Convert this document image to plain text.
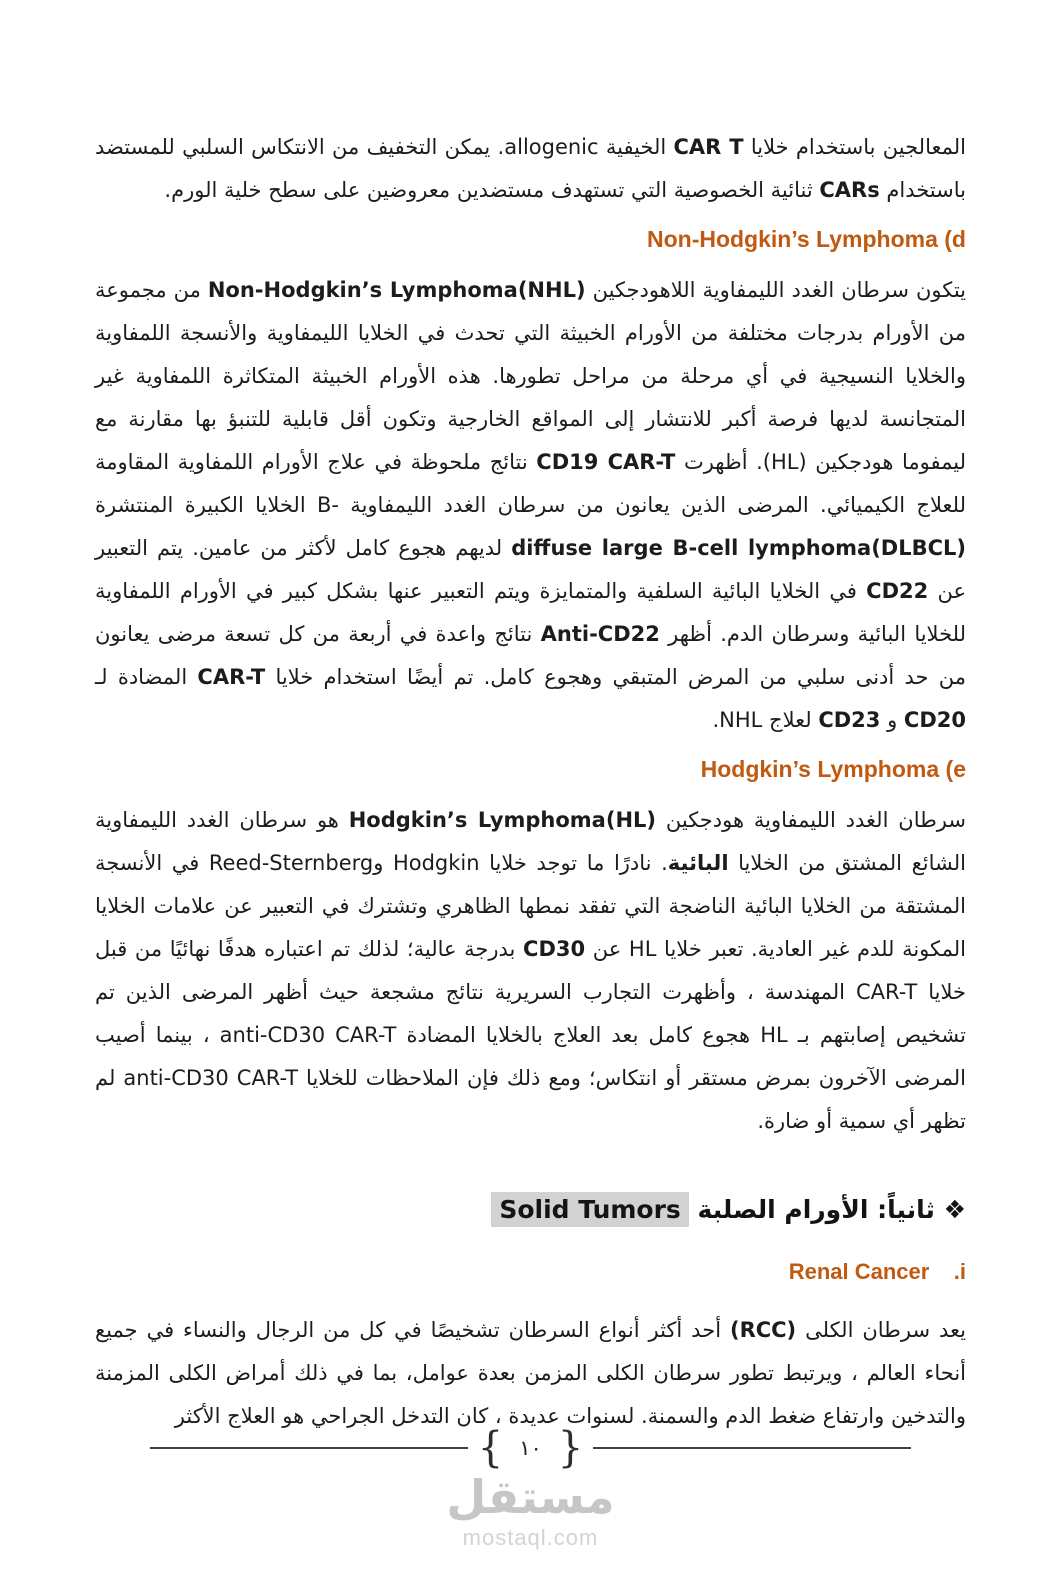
المعالجين باستخدام خلايا CAR T الخيفية allogenic. يمكن التخفيف من الانتكاس السلبي للمستضد باستخدام CARs ثنائية الخصوصية التي تستهدف مستضدين معروضين على سطح خلية الورم.

Non-Hodgkin’s Lymphoma (d

يتكون سرطان الغدد الليمفاوية اللاهودجكين Non-Hodgkin’s Lymphoma(NHL) من مجموعة من الأورام بدرجات مختلفة من الأورام الخبيثة التي تحدث في الخلايا الليمفاوية والأنسجة اللمفاوية والخلايا النسيجية في أي مرحلة من مراحل تطورها. هذه الأورام الخبيثة المتكاثرة اللمفاوية غير المتجانسة لديها فرصة أكبر للانتشار إلى المواقع الخارجية وتكون أقل قابلية للتنبؤ بها مقارنة مع ليمفوما هودجكين (HL). أظهرت CD19 CAR-T نتائج ملحوظة في علاج الأورام اللمفاوية المقاومة للعلاج الكيميائي. المرضى الذين يعانون من سرطان الغدد الليمفاوية B- الخلايا الكبيرة المنتشرة diffuse large B-cell lymphoma(DLBCL) لديهم هجوع كامل لأكثر من عامين. يتم التعبير عن CD22 في الخلايا البائية السلفية والمتمايزة ويتم التعبير عنها بشكل كبير في الأورام اللمفاوية للخلايا البائية وسرطان الدم. أظهر Anti-CD22 نتائج واعدة في أربعة من كل تسعة مرضى يعانون من حد أدنى سلبي من المرض المتبقي وهجوع كامل. تم أيضًا استخدام خلايا CAR-T المضادة لـ CD20 و CD23 لعلاج NHL.

Hodgkin’s Lymphoma (e

سرطان الغدد الليمفاوية هودجكين Hodgkin’s Lymphoma(HL) هو سرطان الغدد الليمفاوية الشائع المشتق من الخلايا البائية. نادرًا ما توجد خلايا Hodgkin وReed-Sternberg في الأنسجة المشتقة من الخلايا البائية الناضجة التي تفقد نمطها الظاهري وتشترك في التعبير عن علامات الخلايا المكونة للدم غير العادية. تعبر خلايا HL عن CD30 بدرجة عالية؛ لذلك تم اعتباره هدفًا نهائيًا من قبل خلايا CAR-T المهندسة ، وأظهرت التجارب السريرية نتائج مشجعة حيث أظهر المرضى الذين تم تشخيص إصابتهم بـ HL هجوع كامل بعد العلاج بالخلايا المضادة anti-CD30 CAR-T ، بينما أصيب المرضى الآخرون بمرض مستقر أو انتكاس؛ ومع ذلك فإن الملاحظات للخلايا anti-CD30 CAR-T لم تظهر أي سمية أو ضارة.

❖ ثانياً: الأورام الصلبة Solid Tumors
Renal Cancer    .i

يعد سرطان الكلى (RCC) أحد أكثر أنواع السرطان تشخيصًا في كل من الرجال والنساء في جميع أنحاء العالم ، ويرتبط تطور سرطان الكلى المزمن بعدة عوامل، بما في ذلك أمراض الكلى المزمنة والتدخين وارتفاع ضغط الدم والسمنة. لسنوات عديدة ، كان التدخل الجراحي هو العلاج الأكثر

{ ١٠ }
مستقل
mostaql.com
